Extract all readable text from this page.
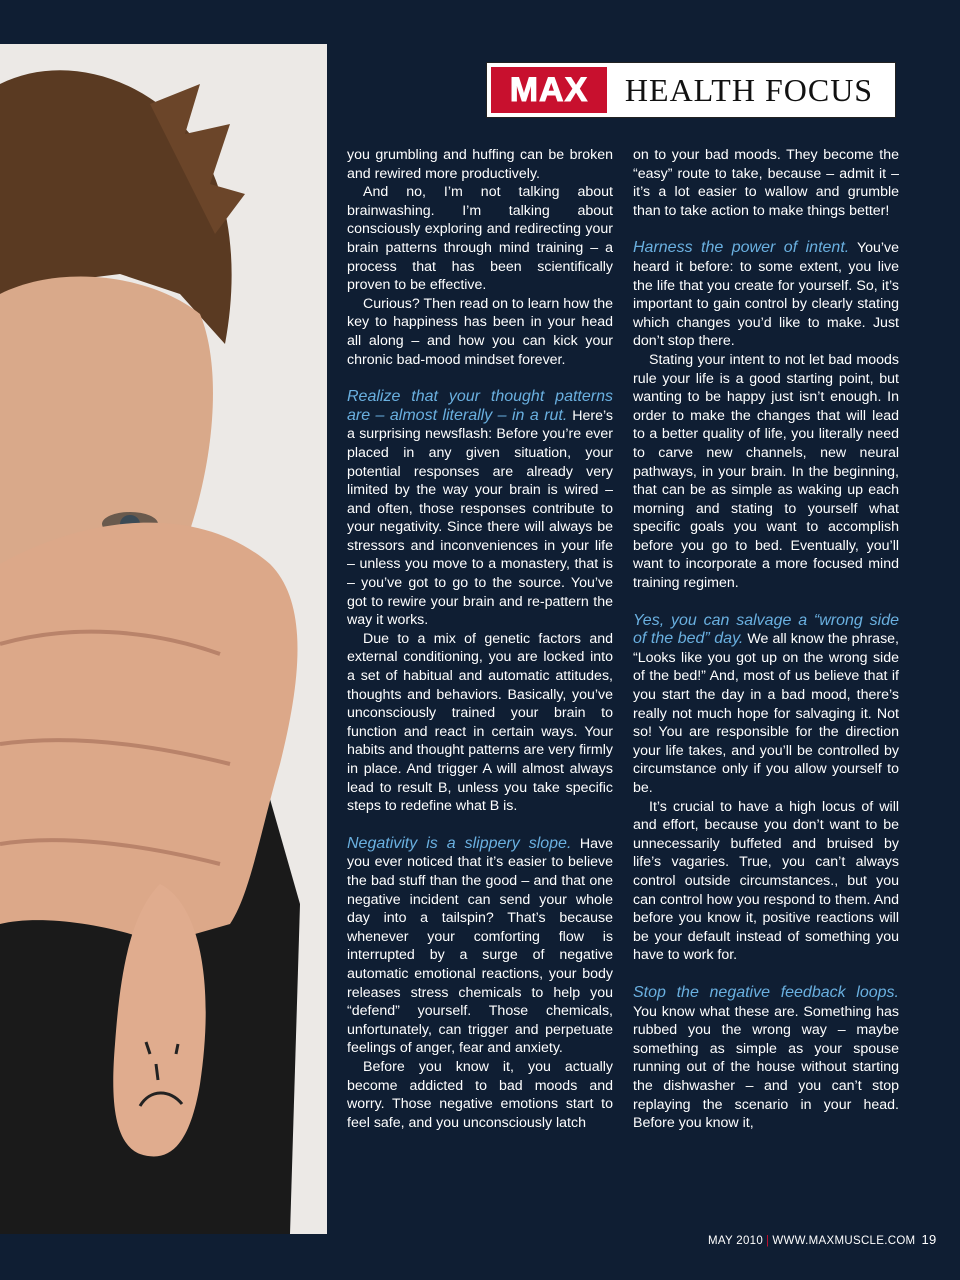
MAX	HEALTH FOCUS

you grumbling and huffing can be broken and rewired more productively.

And no, I’m not talking about brainwashing. I’m talking about consciously exploring and redirecting your brain patterns through mind training – a process that has been scientifically proven to be effective.

Curious? Then read on to learn how the key to happiness has been in your head all along – and how you can kick your chronic bad-mood mindset forever.

Realize that your thought patterns are – almost literally – in a rut. Here’s a surprising newsflash: Before you’re ever placed in any given situation, your potential responses are already very limited by the way your brain is wired – and often, those responses contribute to your negativity. Since there will always be stressors and inconveniences in your life – unless you move to a monastery, that is – you’ve got to go to the source. You’ve got to rewire your brain and re-pattern the way it works.

Due to a mix of genetic factors and external conditioning, you are locked into a set of habitual and automatic attitudes, thoughts and behaviors. Basically, you’ve unconsciously trained your brain to function and react in certain ways. Your habits and thought patterns are very firmly in place. And trigger A will almost always lead to result B, unless you take specific steps to redefine what B is.

Negativity is a slippery slope. Have you ever noticed that it’s easier to believe the bad stuff than the good – and that one negative incident can send your whole day into a tailspin? That’s because whenever your comforting flow is interrupted by a surge of negative automatic emotional reactions, your body releases stress chemicals to help you “defend” yourself. Those chemicals, unfortunately, can trigger and perpetuate feelings of anger, fear and anxiety.

Before you know it, you actually become addicted to bad moods and worry. Those negative emotions start to feel safe, and you unconsciously latch

on to your bad moods. They become the “easy” route to take, because – admit it – it’s a lot easier to wallow and grumble than to take action to make things better!

Harness the power of intent. You’ve heard it before: to some extent, you live the life that you create for yourself. So, it’s important to gain control by clearly stating which changes you’d like to make. Just don’t stop there.

Stating your intent to not let bad moods rule your life is a good starting point, but wanting to be happy just isn’t enough. In order to make the changes that will lead to a better quality of life, you literally need to carve new channels, new neural pathways, in your brain. In the beginning, that can be as simple as waking up each morning and stating to yourself what specific goals you want to accomplish before you go to bed. Eventually, you’ll want to incorporate a more focused mind training regimen.

Yes, you can salvage a “wrong side of the bed” day. We all know the phrase, “Looks like you got up on the wrong side of the bed!” And, most of us believe that if you start the day in a bad mood, there’s really not much hope for salvaging it. Not so! You are responsible for the direction your life takes, and you’ll be controlled by circumstance only if you allow yourself to be.

It’s crucial to have a high locus of will and effort, because you don’t want to be unnecessarily buffeted and bruised by life’s vagaries. True, you can’t always control outside circumstances., but you can control how you respond to them. And before you know it, positive reactions will be your default instead of something you have to work for.

Stop the negative feedback loops. You know what these are. Something has rubbed you the wrong way – maybe something as simple as your spouse running out of the house without starting the dishwasher – and you can’t stop replaying the scenario in your head. Before you know it,

MAY 2010 | WWW.MAXMUSCLE.COM 19
